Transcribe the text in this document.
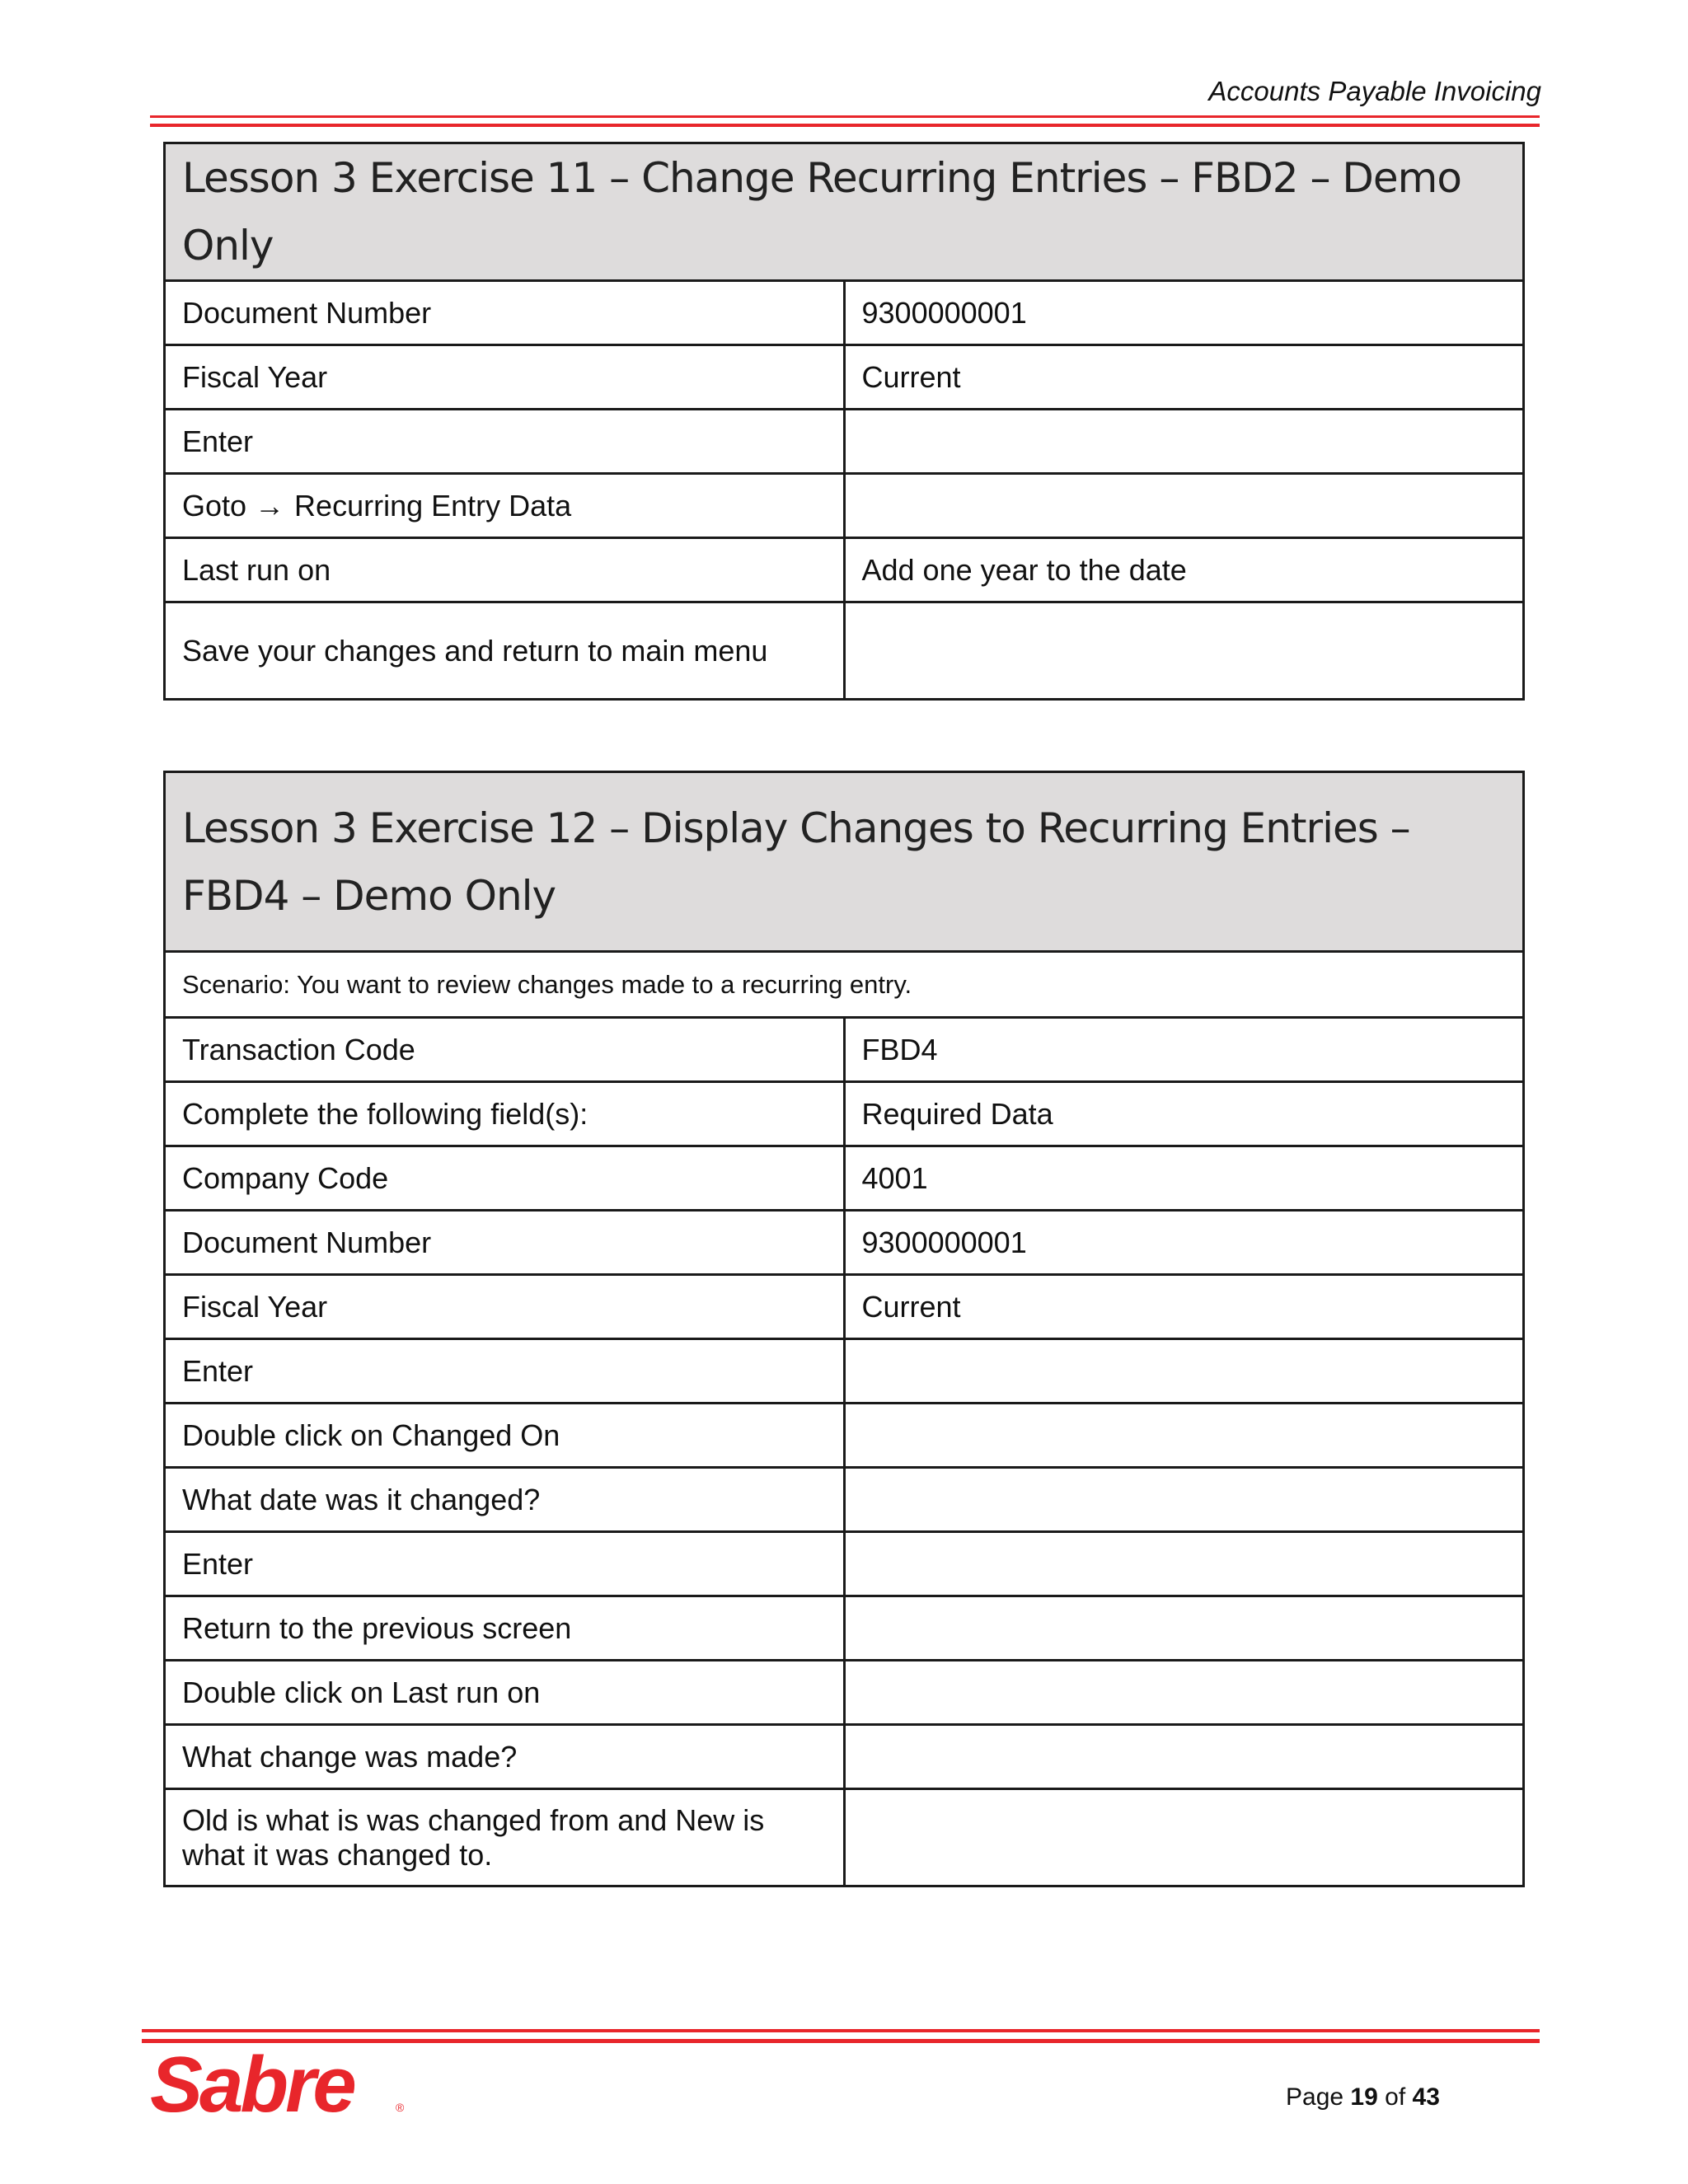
Accounts Payable Invoicing
Lesson 3 Exercise 11 – Change Recurring Entries – FBD2 – Demo Only	
Document Number	9300000001
Fiscal Year	Current
Enter	
Goto → Recurring Entry Data	
Last run on	Add one year to the date
Save your changes and return to main menu	
Lesson 3 Exercise 12 – Display Changes to Recurring Entries – FBD4 – Demo Only	
Scenario: You want to review changes made to a recurring entry.	
Transaction Code	FBD4
Complete the following field(s):	Required Data
Company Code	4001
Document Number	9300000001
Fiscal Year	Current
Enter	
Double click on Changed On	
What date was it changed?	
Enter	
Return to the previous screen	
Double click on Last run on	
What change was made?	
Old is what is was changed from and New is what it was changed to.	
Sabre	®	Page 19 of 43
